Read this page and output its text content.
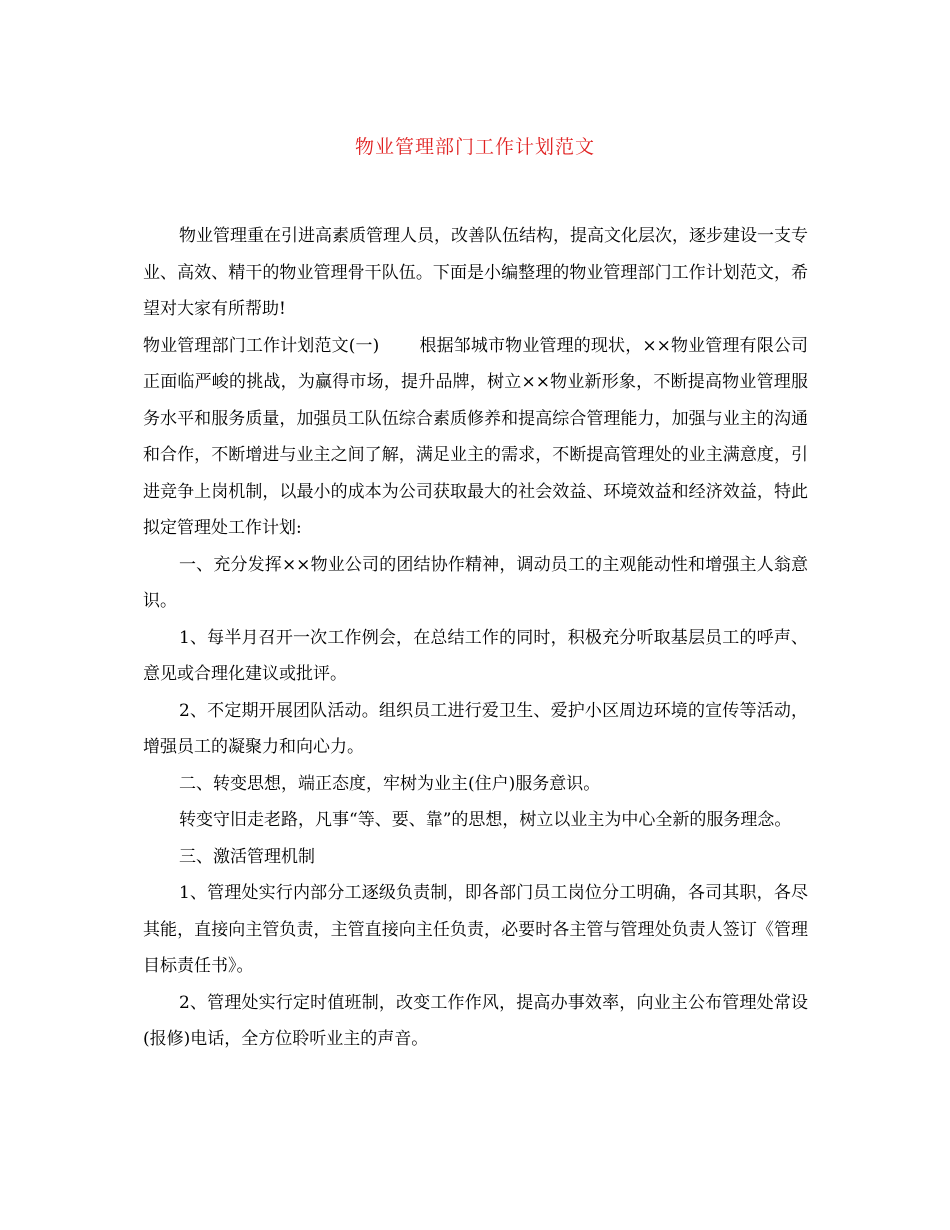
物业管理部门工作计划范文

物业管理重在引进高素质管理人员，改善队伍结构，提高文化层次，逐步建设一支专业、高效、精干的物业管理骨干队伍。下面是小编整理的物业管理部门工作计划范文，希望对大家有所帮助!

物业管理部门工作计划范文(一) 根据邹城市物业管理的现状，××物业管理有限公司正面临严峻的挑战，为赢得市场，提升品牌，树立××物业新形象，不断提高物业管理服务水平和服务质量，加强员工队伍综合素质修养和提高综合管理能力，加强与业主的沟通和合作，不断增进与业主之间了解，满足业主的需求，不断提高管理处的业主满意度，引进竞争上岗机制，以最小的成本为公司获取最大的社会效益、环境效益和经济效益，特此拟定管理处工作计划:

一、充分发挥××物业公司的团结协作精神，调动员工的主观能动性和增强主人翁意识。

1、每半月召开一次工作例会，在总结工作的同时，积极充分听取基层员工的呼声、意见或合理化建议或批评。

2、不定期开展团队活动。组织员工进行爱卫生、爱护小区周边环境的宣传等活动，增强员工的凝聚力和向心力。

二、转变思想，端正态度，牢树为业主(住户)服务意识。

转变守旧走老路，凡事“等、要、靠”的思想，树立以业主为中心全新的服务理念。

三、激活管理机制

1、管理处实行内部分工逐级负责制，即各部门员工岗位分工明确，各司其职，各尽其能，直接向主管负责，主管直接向主任负责，必要时各主管与管理处负责人签订《管理目标责任书》。

2、管理处实行定时值班制，改变工作作风，提高办事效率，向业主公布管理处常设(报修)电话，全方位聆听业主的声音。
